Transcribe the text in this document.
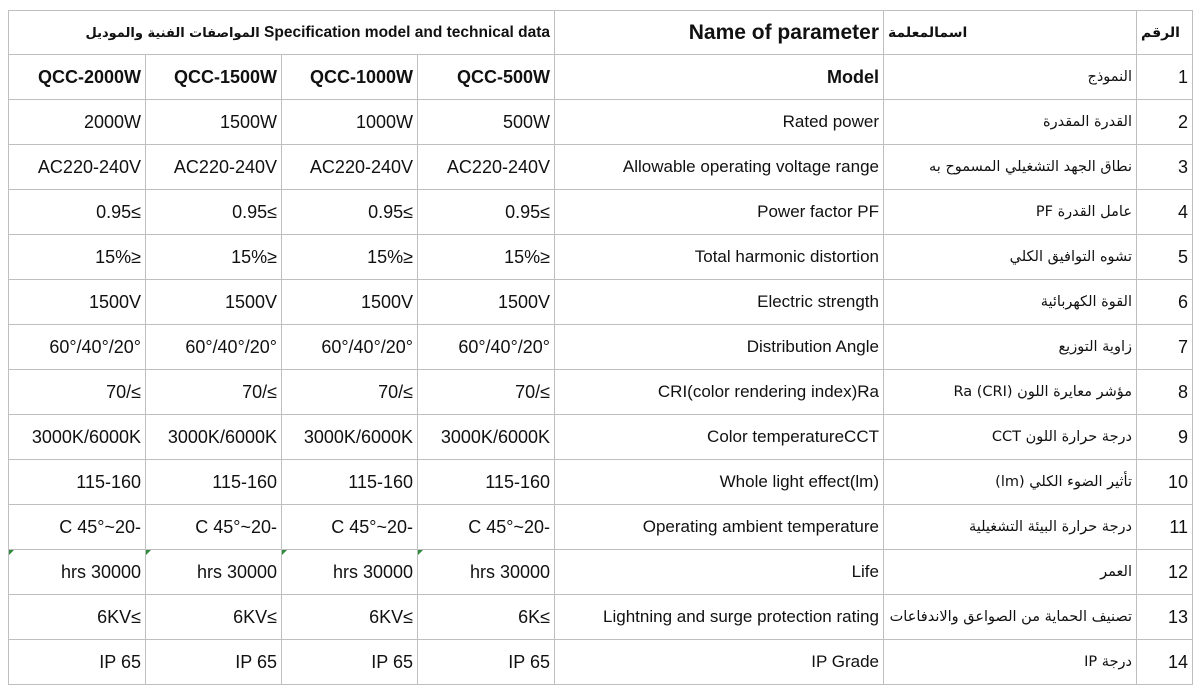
المواصفات الفنية والموديل Specification model and technical data				Name of parameter	اسمالمعلمة	الرقم
QCC-2000W	QCC-1500W	QCC-1000W	QCC-500W	Model	النموذج	1
2000W	1500W	1000W	500W	Rated power	القدرة المقدرة	2
AC220-240V	AC220-240V	AC220-240V	AC220-240V	Allowable operating voltage range	نطاق الجهد التشغيلي المسموح به	3
0.95≤	0.95≤	0.95≤	0.95≤	Power factor PF	عامل القدرة PF	4
15%≥	15%≥	15%≥	15%≥	Total harmonic distortion	تشوه التوافيق الكلي	5
1500V	1500V	1500V	1500V	Electric strength	القوة الكهربائية	6
60°/40°/20°	60°/40°/20°	60°/40°/20°	60°/40°/20°	Distribution Angle	زاوية التوزيع	7
70/≤	70/≤	70/≤	70/≤	CRI(color rendering index)Ra	مؤشر معايرة اللون Ra (CRI)	8
3000K/6000K	3000K/6000K	3000K/6000K	3000K/6000K	Color temperatureCCT	درجة حرارة اللون CCT	9
115-160	115-160	115-160	115-160	Whole light effect(lm)	تأثير الضوء الكلي (lm)	10
C 45°~20-	C 45°~20-	C 45°~20-	C 45°~20-	Operating ambient temperature	درجة حرارة البيئة التشغيلية	11
hrs 30000	hrs 30000	hrs 30000	hrs 30000	Life	العمر	12
6KV≤	6KV≤	6KV≤	6K≤	Lightning and surge protection rating	تصنيف الحماية من الصواعق والاندفاعات	13
IP 65	IP 65	IP 65	IP 65	IP Grade	درجة IP	14
